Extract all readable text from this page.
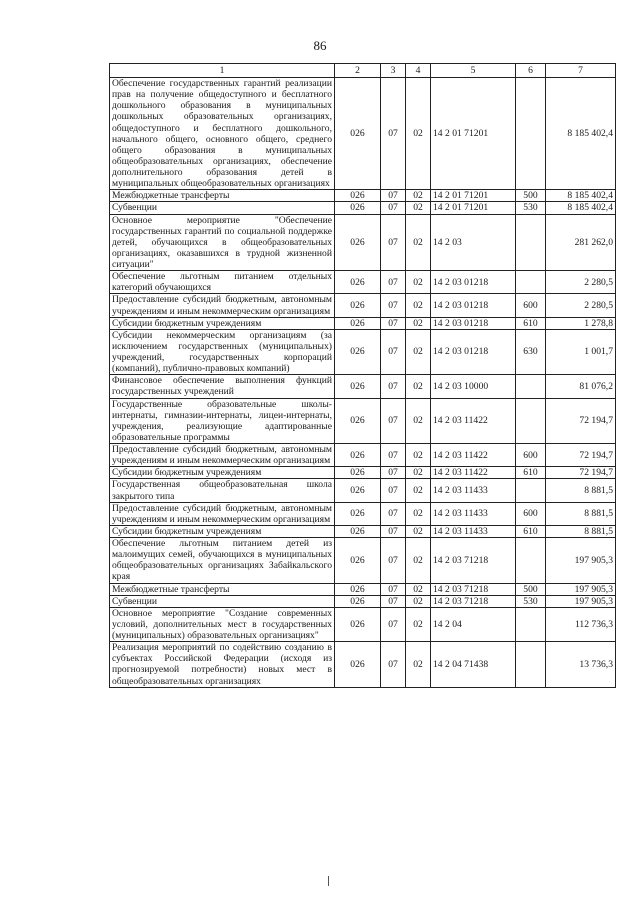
86
1	2	3	4	5	6	7
Обеспечение государственных гарантий реализации прав на получение общедоступного и бесплатного дошкольного образования в муниципальных дошкольных образовательных организациях, общедоступного и бесплатного дошкольного, начального общего, основного общего, среднего общего образования в муниципальных общеобразовательных организациях, обеспечение дополнительного образования детей в муниципальных общеобразовательных организациях	026	07	02	14 2 01 71201		8 185 402,4
Межбюджетные трансферты	026	07	02	14 2 01 71201	500	8 185 402,4
Субвенции	026	07	02	14 2 01 71201	530	8 185 402,4
Основное мероприятие "Обеспечение государственных гарантий по социальной поддержке детей, обучающихся в общеобразовательных организациях, оказавшихся в трудной жизненной ситуации"	026	07	02	14 2 03		281 262,0
Обеспечение льготным питанием отдельных категорий обучающихся	026	07	02	14 2 03 01218		2 280,5
Предоставление субсидий бюджетным, автономным учреждениям и иным некоммерческим организациям	026	07	02	14 2 03 01218	600	2 280,5
Субсидии бюджетным учреждениям	026	07	02	14 2 03 01218	610	1 278,8
Субсидии некоммерческим организациям (за исключением государственных (муниципальных) учреждений, государственных корпораций (компаний), публично-правовых компаний)	026	07	02	14 2 03 01218	630	1 001,7
Финансовое обеспечение выполнения функций государственных учреждений	026	07	02	14 2 03 10000		81 076,2
Государственные образовательные школы-интернаты, гимназии-интернаты, лицеи-интернаты, учреждения, реализующие адаптированные образовательные программы	026	07	02	14 2 03 11422		72 194,7
Предоставление субсидий бюджетным, автономным учреждениям и иным некоммерческим организациям	026	07	02	14 2 03 11422	600	72 194,7
Субсидии бюджетным учреждениям	026	07	02	14 2 03 11422	610	72 194,7
Государственная общеобразовательная школа закрытого типа	026	07	02	14 2 03 11433		8 881,5
Предоставление субсидий бюджетным, автономным учреждениям и иным некоммерческим организациям	026	07	02	14 2 03 11433	600	8 881,5
Субсидии бюджетным учреждениям	026	07	02	14 2 03 11433	610	8 881,5
Обеспечение льготным питанием детей из малоимущих семей, обучающихся в муниципальных общеобразовательных организациях Забайкальского края	026	07	02	14 2 03 71218		197 905,3
Межбюджетные трансферты	026	07	02	14 2 03 71218	500	197 905,3
Субвенции	026	07	02	14 2 03 71218	530	197 905,3
Основное мероприятие "Создание современных условий, дополнительных мест в государственных (муниципальных) образовательных организациях"	026	07	02	14 2 04		112 736,3
Реализация мероприятий по содействию созданию в субъектах Российской Федерации (исходя из прогнозируемой потребности) новых мест в общеобразовательных организациях	026	07	02	14 2 04 71438		13 736,3
